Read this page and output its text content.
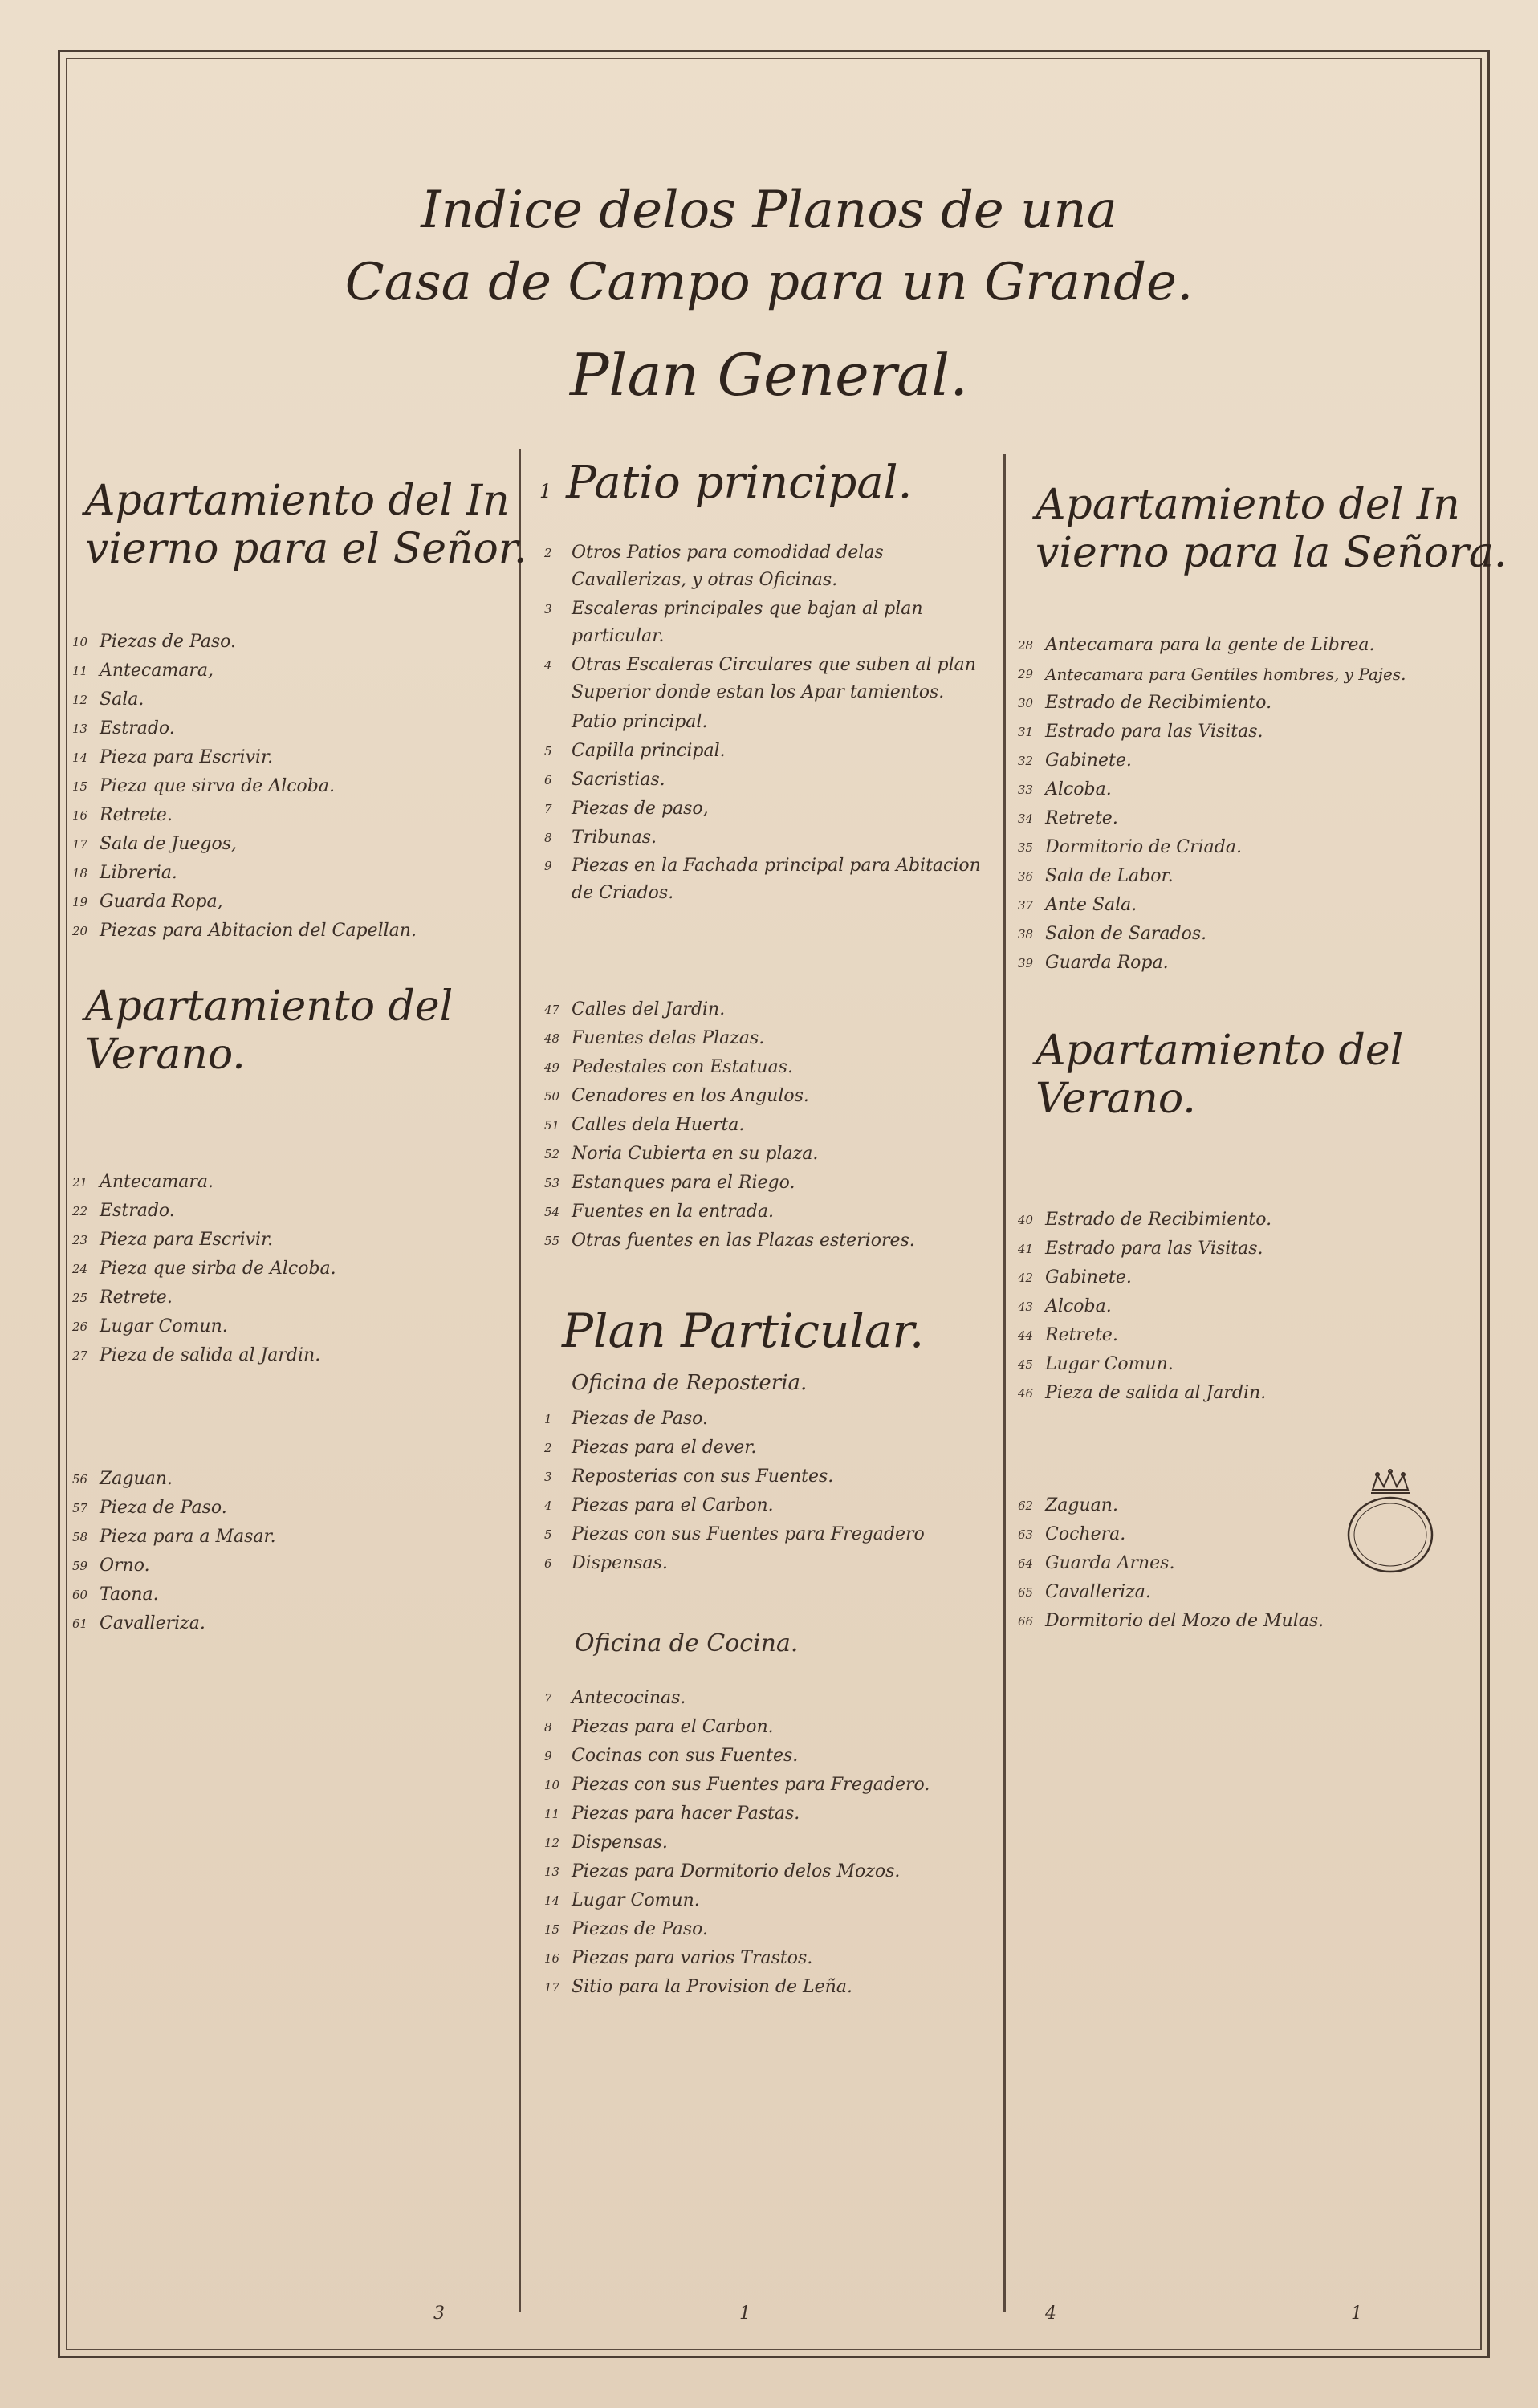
Indice delos Planos de una
Casa de Campo para un Grande.
Plan General.
Apartamiento del In
vierno para el Señor.
10 Piezas de Paso.
11 Antecamara,
12 Sala.
13 Estrado.
14 Pieza para Escrivir.
15 Pieza que sirva de Alcoba.
16 Retrete.
17 Sala de Juegos,
18 Libreria.
19 Guarda Ropa,
20 Piezas para Abitacion del Capellan.
Apartamiento del
Verano.
21 Antecamara.
22 Estrado.
23 Pieza para Escrivir.
24 Pieza que sirba de Alcoba.
25 Retrete.
26 Lugar Comun.
27 Pieza de salida al Jardin.
56 Zaguan.
57 Pieza de Paso.
58 Pieza para a Masar.
59 Orno.
60 Taona.
61 Cavalleriza.
1 Patio principal.
2	Otros Patios para comodidad delas Cavallerizas, y otras Oficinas.
3	Escaleras principales que bajan al plan particular.
4	Otras Escaleras Circulares que suben al plan Superior donde estan los Apar tamientos.
Patio principal.
5	Capilla principal.
6	Sacristias.
7	Piezas de paso,
8	Tribunas.
9	Piezas en la Fachada principal para Abitacion de Criados.
47 Calles del Jardin.
48 Fuentes delas Plazas.
49 Pedestales con Estatuas.
50 Cenadores en los Angulos.
51 Calles dela Huerta.
52 Noria Cubierta en su plaza.
53 Estanques para el Riego.
54 Fuentes en la entrada.
55 Otras fuentes en las Plazas esteriores.
Plan Particular.
Oficina de Reposteria.
1	Piezas de Paso.
2	Piezas para el dever.
3	Reposterias con sus Fuentes.
4	Piezas para el Carbon.
5	Piezas con sus Fuentes para Fregadero
6	Dispensas.
Oficina de Cocina.
7	Antecocinas.
8	Piezas para el Carbon.
9	Cocinas con sus Fuentes.
10 Piezas con sus Fuentes para Fregadero.
11 Piezas para hacer Pastas.
12 Dispensas.
13 Piezas para Dormitorio delos Mozos.
14 Lugar Comun.
15 Piezas de Paso.
16 Piezas para varios Trastos.
17 Sitio para la Provision de Leña.
Apartamiento del In
vierno para la Señora.
28 Antecamara para la gente de Librea.
29 Antecamara para Gentiles hombres, y Pajes.
30 Estrado de Recibimiento.
31 Estrado para las Visitas.
32 Gabinete.
33 Alcoba.
34 Retrete.
35 Dormitorio de Criada.
36 Sala de Labor.
37 Ante Sala.
38 Salon de Sarados.
39 Guarda Ropa.
Apartamiento del
Verano.
40 Estrado de Recibimiento.
41 Estrado para las Visitas.
42 Gabinete.
43 Alcoba.
44 Retrete.
45 Lugar Comun.
46 Pieza de salida al Jardin.
62 Zaguan.
63 Cochera.
64 Guarda Arnes.
65 Cavalleriza.
66 Dormitorio del Mozo de Mulas.
3	1	4	1
